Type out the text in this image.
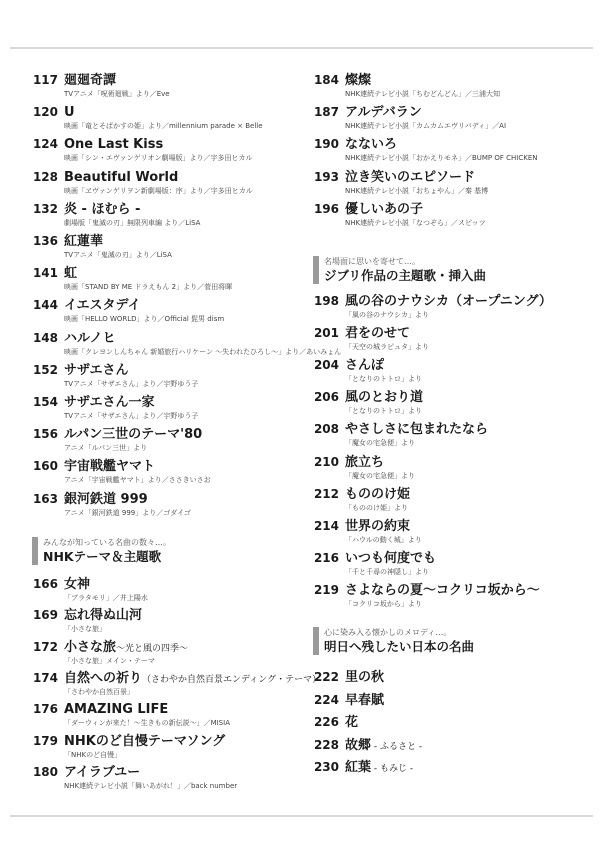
117 廻廻奇譚
TVアニメ「呪術廻戦」より／Eve
120 U
映画「竜とそばかすの姫」より／millennium parade × Belle
124 One Last Kiss
映画「シン・エヴァンゲリオン劇場版」より／宇多田ヒカル
128 Beautiful World
映画「ヱヴァンゲリヲン新劇場版：序」より／宇多田ヒカル
132 炎 - ほむら -
劇場版「鬼滅の刃」無限列車編 より／LiSA
136 紅蓮華
TVアニメ「鬼滅の刃」より／LiSA
141 虹
映画「STAND BY ME ドラえもん 2」より／菅田将暉
144 イエスタデイ
映画「HELLO WORLD」より／Official 髭男 dism
148 ハルノヒ
映画「クレヨンしんちゃん 新婚旅行ハリケーン ～失われたひろし～」より／あいみょん
152 サザエさん
TVアニメ「サザエさん」より／宇野ゆう子
154 サザエさん一家
TVアニメ「サザエさん」より／宇野ゆう子
156 ルパン三世のテーマ'80
アニメ「ルパン三世」より
160 宇宙戦艦ヤマト
アニメ「宇宙戦艦ヤマト」より／ささきいさお
163 銀河鉄道 999
アニメ「銀河鉄道 999」より／ゴダイゴ
みんなが知っている名曲の数々…。
NHKテーマ＆主題歌
166 女神
「ブラタモリ」／井上陽水
169 忘れ得ぬ山河
「小さな旅」
172 小さな旅～光と風の四季～
「小さな旅」メイン・テーマ
174 自然への祈り（さわやか自然百景エンディング・テーマ）
「さわやか自然百景」
176 AMAZING LIFE
「ダーウィンが来た！～生きもの新伝説～」／MISIA
179 NHKのど自慢テーマソング
「NHKのど自慢」
180 アイラブユー
NHK連続テレビ小説「舞いあがれ！」／back number
184 燦燦
NHK連続テレビ小説「ちむどんどん」／三浦大知
187 アルデバラン
NHK連続テレビ小説「カムカムエヴリバディ」／AI
190 なないろ
NHK連続テレビ小説「おかえりモネ」／BUMP OF CHICKEN
193 泣き笑いのエピソード
NHK連続テレビ小説「おちょやん」／秦 基博
196 優しいあの子
NHK連続テレビ小説「なつぞら」／スピッツ
名場面に思いを寄せて…。
ジブリ作品の主題歌・挿入曲
198 風の谷のナウシカ（オープニング）
「風の谷のナウシカ」より
201 君をのせて
「天空の城ラピュタ」より
204 さんぽ
「となりのトトロ」より
206 風のとおり道
「となりのトトロ」より
208 やさしさに包まれたなら
「魔女の宅急便」より
210 旅立ち
「魔女の宅急便」より
212 もののけ姫
「もののけ姫」より
214 世界の約束
「ハウルの動く城」より
216 いつも何度でも
「千と千尋の神隠し」より
219 さよならの夏～コクリコ坂から～
「コクリコ坂から」より
心に染み入る懐かしのメロディ…。
明日へ残したい日本の名曲
222 里の秋
224 早春賦
226 花
228 故郷 - ふるさと -
230 紅葉 - もみじ -
